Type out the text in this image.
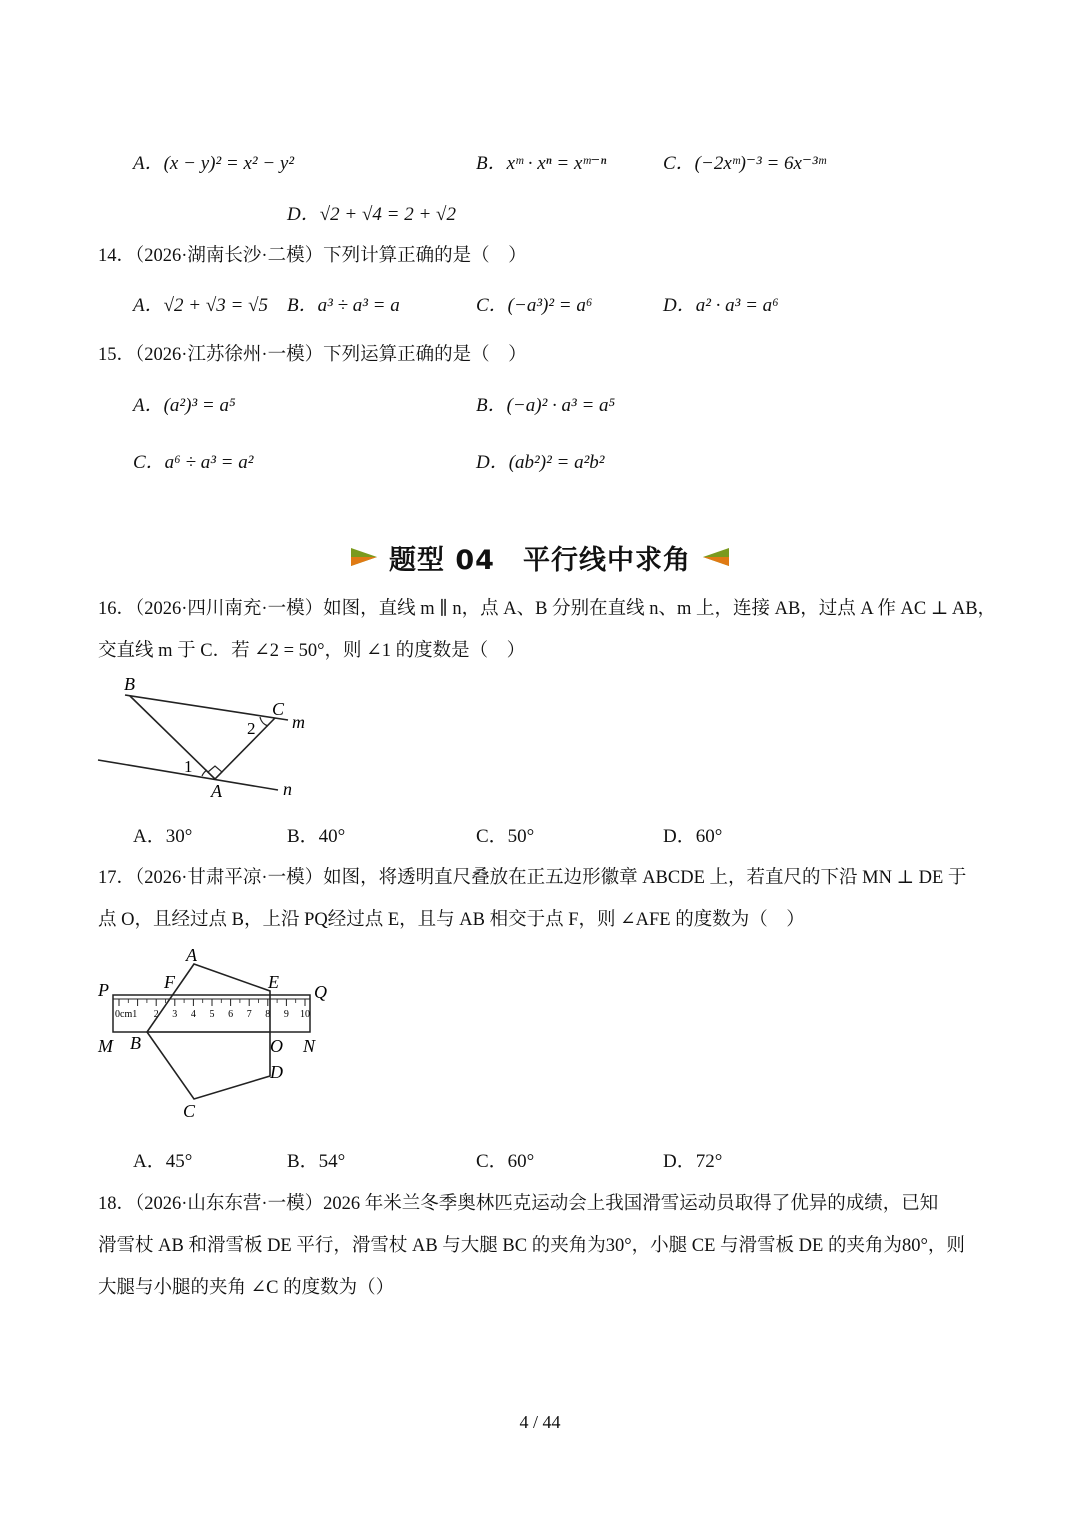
A．(x − y)² = x² − y²	B．xᵐ · xⁿ = xᵐ⁻ⁿ	C．(−2xᵐ)⁻³ = 6x⁻³ᵐ
D．√2 + √4 = 2 + √2
14．（2026·湖南长沙·二模）下列计算正确的是（　）
A．√2 + √3 = √5 B．a³ ÷ a³ = a	C．(−a³)² = a⁶	D．a² · a³ = a⁶
15．（2026·江苏徐州·一模）下列运算正确的是（　）
A．(a²)³ = a⁵	B．(−a)² · a³ = a⁵
C．a⁶ ÷ a³ = a²	D．(ab²)² = a²b²
题型 04　平行线中求角
16．（2026·四川南充·一模）如图，直线 m ∥ n，点 A、B 分别在直线 n、m 上，连接 AB，过点 A 作 AC ⊥ AB，
交直线 m 于 C．若 ∠2 = 50°，则 ∠1 的度数是（　）
B
C
m
2
1
A	n
A．30°	B．40°	C．50°	D．60°
17．（2026·甘肃平凉·一模）如图，将透明直尺叠放在正五边形徽章 ABCDE 上，若直尺的下沿 MN ⊥ DE 于
点 O，且经过点 B，上沿 PQ经过点 E，且与 AB 相交于点 F，则 ∠AFE 的度数为（　）
0cm1 2 3 4 5 6 7 8 9 10
A
P	F	E Q
M B	O N
D
C
A．45°	B．54°	C．60°	D．72°
18．（2026·山东东营·一模）2026 年米兰冬季奥林匹克运动会上我国滑雪运动员取得了优异的成绩，已知
滑雪杖 AB 和滑雪板 DE 平行，滑雪杖 AB 与大腿 BC 的夹角为30°，小腿 CE 与滑雪板 DE 的夹角为80°，则
大腿与小腿的夹角 ∠C 的度数为（）
4 / 44
